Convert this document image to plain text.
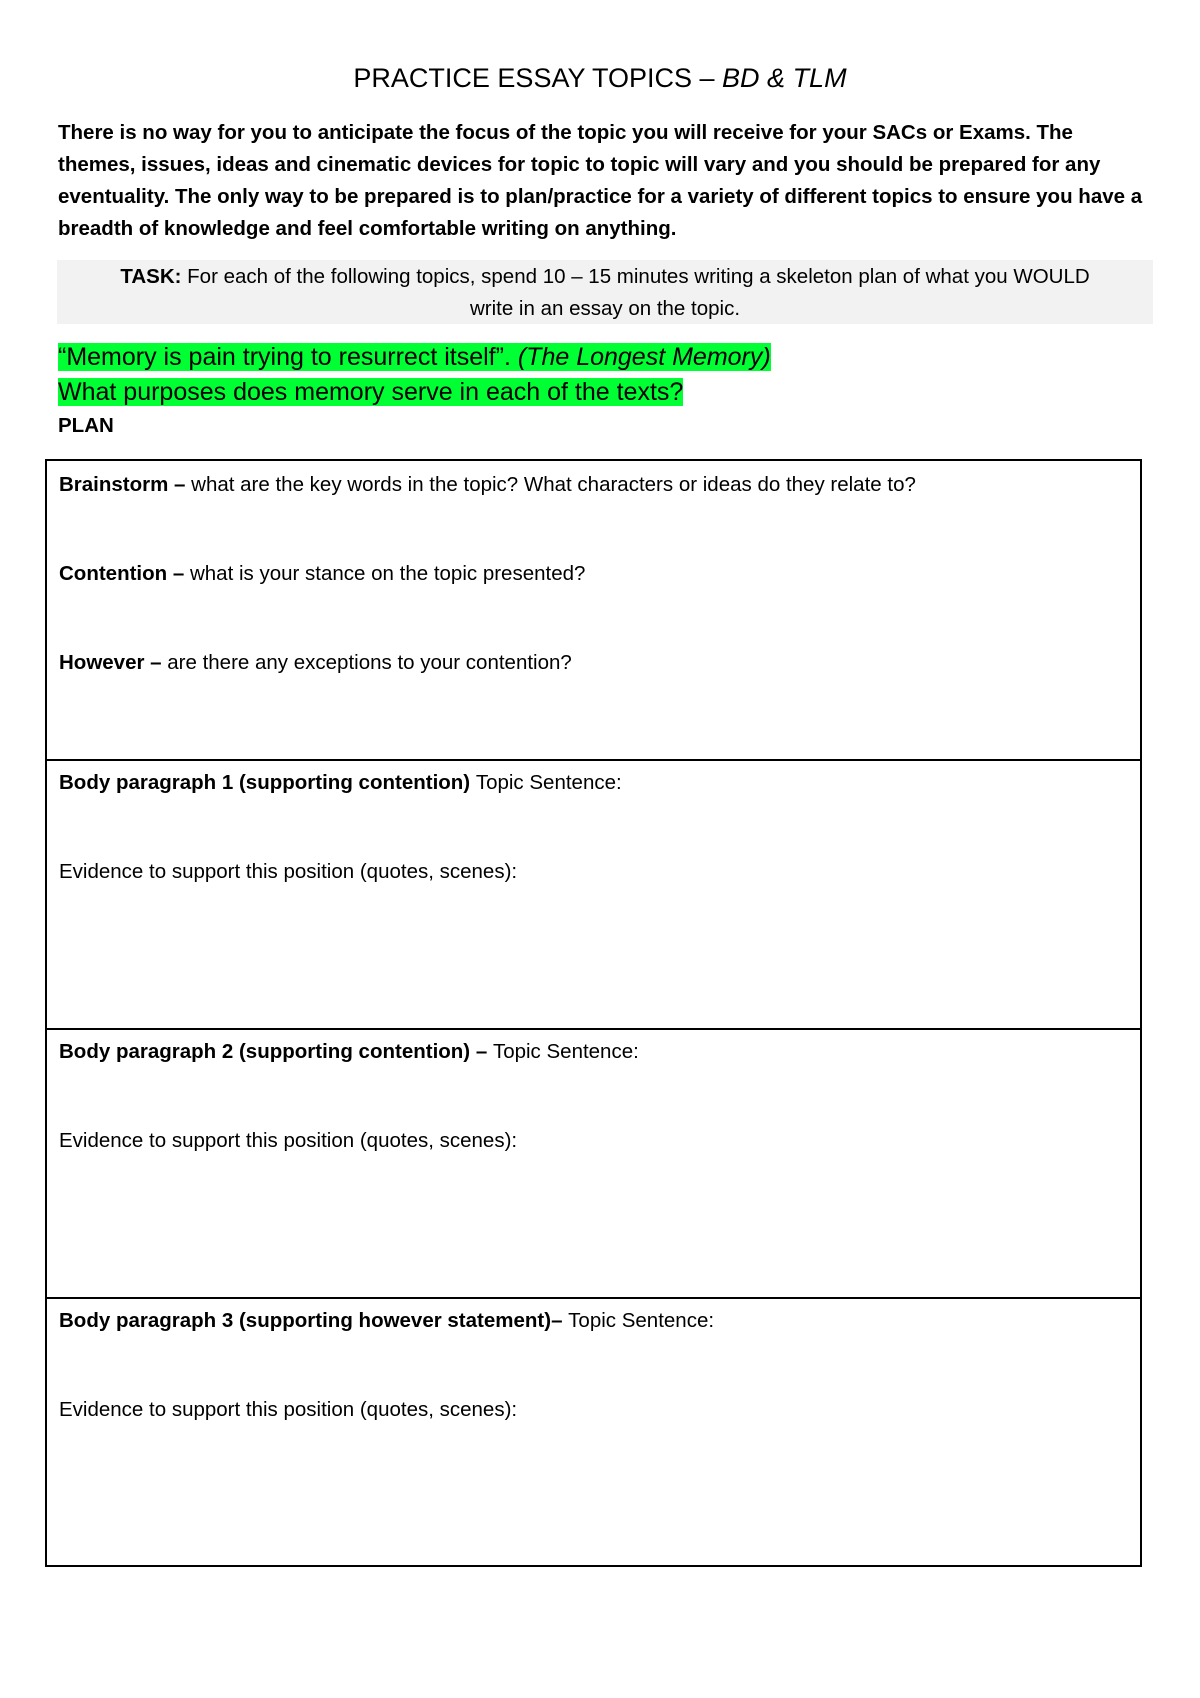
PRACTICE ESSAY TOPICS – BD & TLM
There is no way for you to anticipate the focus of the topic you will receive for your SACs or Exams. The themes, issues, ideas and cinematic devices for topic to topic will vary and you should be prepared for any eventuality. The only way to be prepared is to plan/practice for a variety of different topics to ensure you have a breadth of knowledge and feel comfortable writing on anything.
TASK: For each of the following topics, spend 10 – 15 minutes writing a skeleton plan of what you WOULD
write in an essay on the topic.
“Memory is pain trying to resurrect itself”. (The Longest Memory)
What purposes does memory serve in each of the texts?
PLAN
Brainstorm – what are the key words in the topic? What characters or ideas do they relate to?
Contention – what is your stance on the topic presented?
However – are there any exceptions to your contention?
Body paragraph 1 (supporting contention) Topic Sentence:
Evidence to support this position (quotes, scenes):
Body paragraph 2 (supporting contention) – Topic Sentence:
Evidence to support this position (quotes, scenes):
Body paragraph 3 (supporting however statement)– Topic Sentence:
Evidence to support this position (quotes, scenes):
